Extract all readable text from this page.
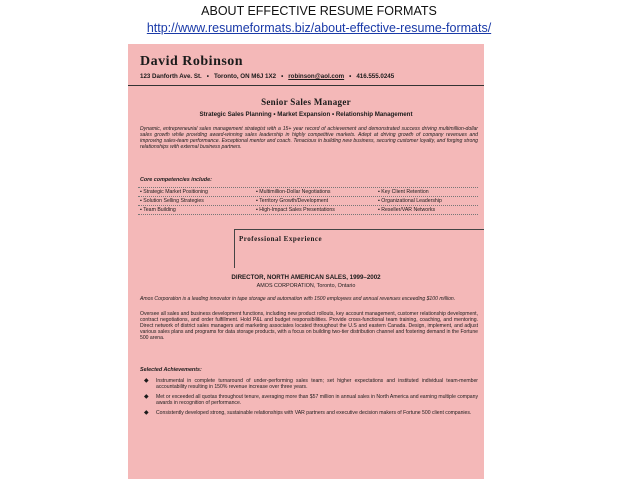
ABOUT EFFECTIVE RESUME FORMATS
http://www.resumeformats.biz/about-effective-resume-formats/
David Robinson
123 Danforth Ave. St. • Toronto, ON M6J 1X2 • robinson@aol.com • 416.555.0245
Senior Sales Manager
Strategic Sales Planning • Market Expansion • Relationship Management
Dynamic, entrepreneurial sales management strategist with a 15+ year record of achievement and demonstrated success driving multimillion-dollar sales growth while providing award-winning sales leadership in highly competitive markets. Adept at driving growth of company revenues and improving sales-team performance. Exceptional mentor and coach. Tenacious in building new business, securing customer loyalty, and forging strong relationships with external business partners.
Core competencies include:
▪ Strategic Market Positioning	▪ Multimillion-Dollar Negotiations	▪ Key Client Retention
▪ Solution Selling Strategies	▪ Territory Growth/Development	▪ Organizational Leadership
▪ Team Building	▪ High-Impact Sales Presentations	▪ Reseller/VAR Networks
Professional Experience
DIRECTOR, NORTH AMERICAN SALES, 1999–2002
AMOS CORPORATION, Toronto, Ontario
Amos Corporation is a leading innovator in tape storage and automation with 1500 employees and annual revenues exceeding $100 million.
Oversee all sales and business development functions, including new product rollouts, key account management, customer relationship development, contract negotiations, and order fulfillment. Hold P&L and budget responsibilities. Provide cross-functional team training, coaching, and mentoring. Direct network of district sales managers and marketing associates located throughout the U.S and eastern Canada. Design, implement, and adjust various sales plans and programs for data storage products, with a focus on building two-tier distribution channel and fostering demand in the Fortune 500 arena.
Selected Achievements:
◆ Instrumental in complete turnaround of under-performing sales team; set higher expectations and instituted individual team-member accountability resulting in 150% revenue increase over three years.
◆ Met or exceeded all quotas throughout tenure, averaging more than $57 million in annual sales in North America and earning multiple company awards in recognition of performance.
◆ Consistently developed strong, sustainable relationships with VAR partners and executive decision makers of Fortune 500 client companies.
